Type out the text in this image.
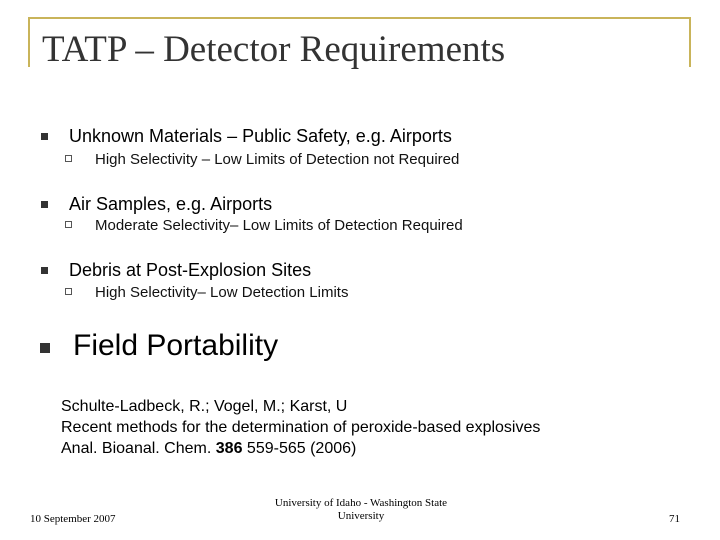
TATP – Detector Requirements
Unknown Materials – Public Safety, e.g. Airports
High Selectivity – Low Limits of Detection not Required
Air Samples, e.g. Airports
Moderate Selectivity– Low Limits of Detection Required
Debris at Post-Explosion Sites
High Selectivity– Low Detection Limits
Field Portability
Schulte-Ladbeck, R.; Vogel, M.; Karst, U
Recent methods for the determination of peroxide-based explosives
Anal. Bioanal. Chem. 386 559-565 (2006)
10 September 2007
University of Idaho - Washington State
University	71
